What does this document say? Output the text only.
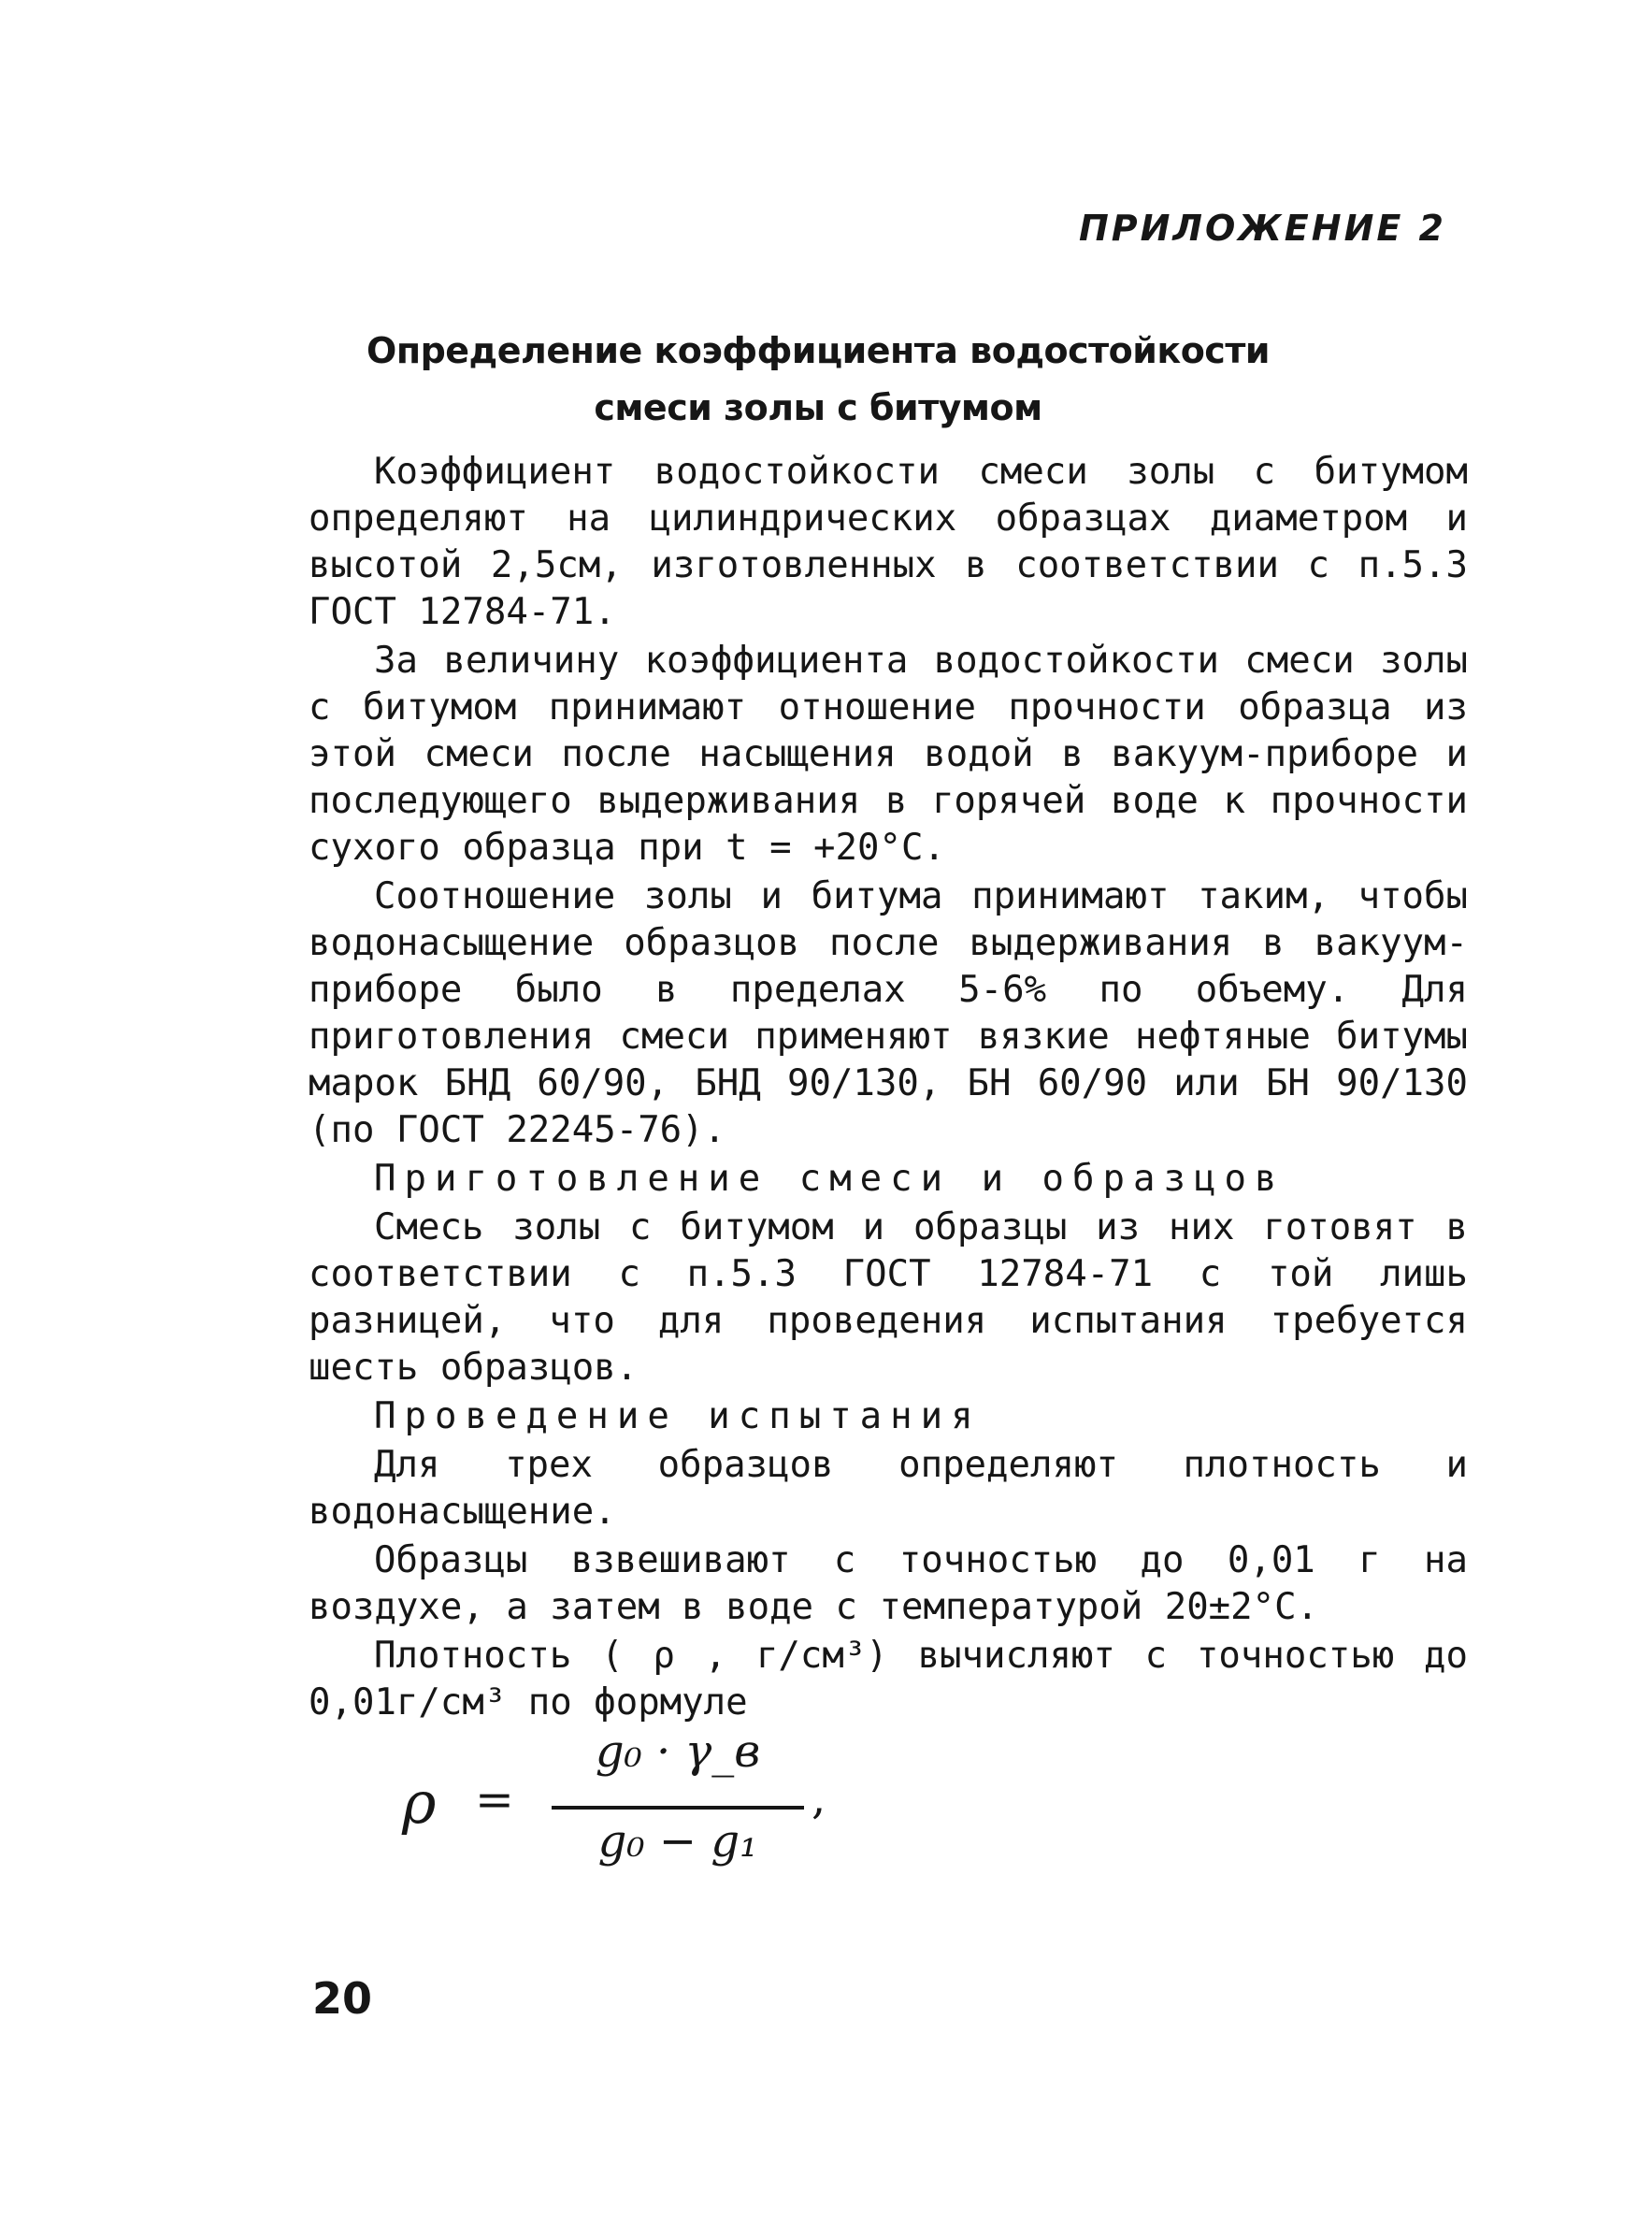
ПРИЛОЖЕНИЕ 2
Определение коэффициента водостойкости
смеси золы с битумом
Коэффициент водостойкости смеси золы с битумом определяют на цилиндрических образцах диаметром и высотой 2,5см, изготовленных в соответствии с п.5.3 ГОСТ 12784-71.
За величину коэффициента водостойкости смеси золы с битумом принимают отношение прочности образца из этой смеси после насыщения водой в вакуум-приборе и последующего выдерживания в горячей воде к прочности сухого образца при t = +20°С.
Соотношение золы и битума принимают таким, чтобы водонасыщение образцов после выдерживания в вакуум-приборе было в пределах 5-6% по объему. Для приготовления смеси применяют вязкие нефтяные битумы марок БНД 60/90, БНД 90/130, БН 60/90 или БН 90/130 (по ГОСТ 22245-76).
Приготовление смеси и образцов
Смесь золы с битумом и образцы из них готовят в соответствии с п.5.3 ГОСТ 12784-71 с той лишь разницей, что для проведения испытания требуется шесть образцов.
Проведение испытания
Для трех образцов определяют плотность и водонасыщение.
Образцы взвешивают с точностью до 0,01 г на воздухе, а затем в воде с температурой 20±2°С.
Плотность ( ρ , г/см³) вычисляют с точностью до 0,01г/см³ по формуле
ρ =
g₀ · γ_в
g₀ − g₁
,
20
